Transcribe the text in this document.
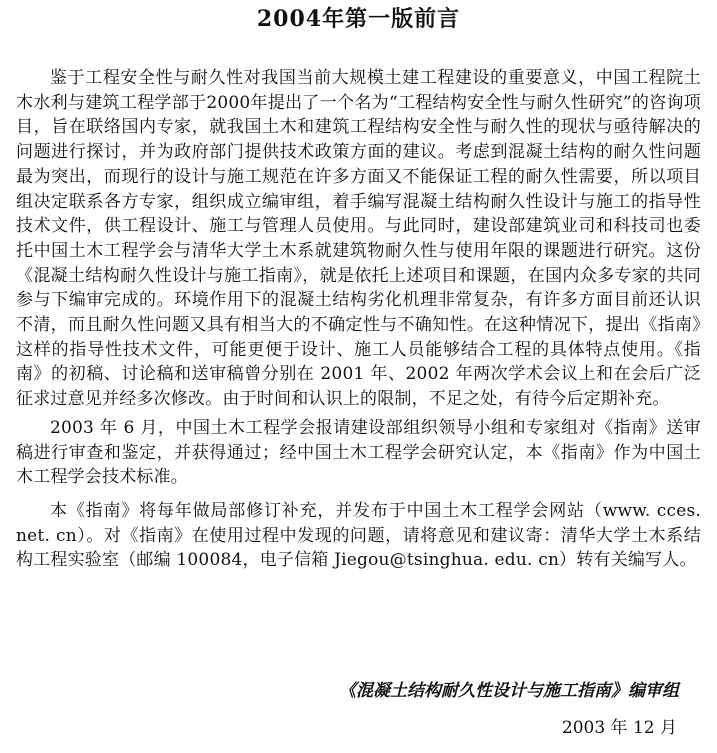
2004年第一版前言

鉴于工程安全性与耐久性对我国当前大规模土建工程建设的重要意义，中国工程院土木水利与建筑工程学部于2000年提出了一个名为“工程结构安全性与耐久性研究”的咨询项目，旨在联络国内专家，就我国土木和建筑工程结构安全性与耐久性的现状与亟待解决的问题进行探讨，并为政府部门提供技术政策方面的建议。考虑到混凝土结构的耐久性问题最为突出，而现行的设计与施工规范在许多方面又不能保证工程的耐久性需要，所以项目组决定联系各方专家，组织成立编审组，着手编写混凝土结构耐久性设计与施工的指导性技术文件，供工程设计、施工与管理人员使用。与此同时，建设部建筑业司和科技司也委托中国土木工程学会与清华大学土木系就建筑物耐久性与使用年限的课题进行研究。这份《混凝土结构耐久性设计与施工指南》，就是依托上述项目和课题，在国内众多专家的共同参与下编审完成的。环境作用下的混凝土结构劣化机理非常复杂，有许多方面目前还认识不清，而且耐久性问题又具有相当大的不确定性与不确知性。在这种情况下，提出《指南》这样的指导性技术文件，可能更便于设计、施工人员能够结合工程的具体特点使用。《指南》的初稿、讨论稿和送审稿曾分别在 2001 年、2002 年两次学术会议上和在会后广泛征求过意见并经多次修改。由于时间和认识上的限制，不足之处，有待今后定期补充。

2003 年 6 月，中国土木工程学会报请建设部组织领导小组和专家组对《指南》送审稿进行审查和鉴定，并获得通过；经中国土木工程学会研究认定，本《指南》作为中国土木工程学会技术标准。

本《指南》将每年做局部修订补充，并发布于中国土木工程学会网站（www. cces. net. cn）。对《指南》在使用过程中发现的问题，请将意见和建议寄：清华大学土木系结构工程实验室（邮编 100084，电子信箱 Jiegou@tsinghua. edu. cn）转有关编写人。

《混凝土结构耐久性设计与施工指南》编审组
2003 年 12 月
